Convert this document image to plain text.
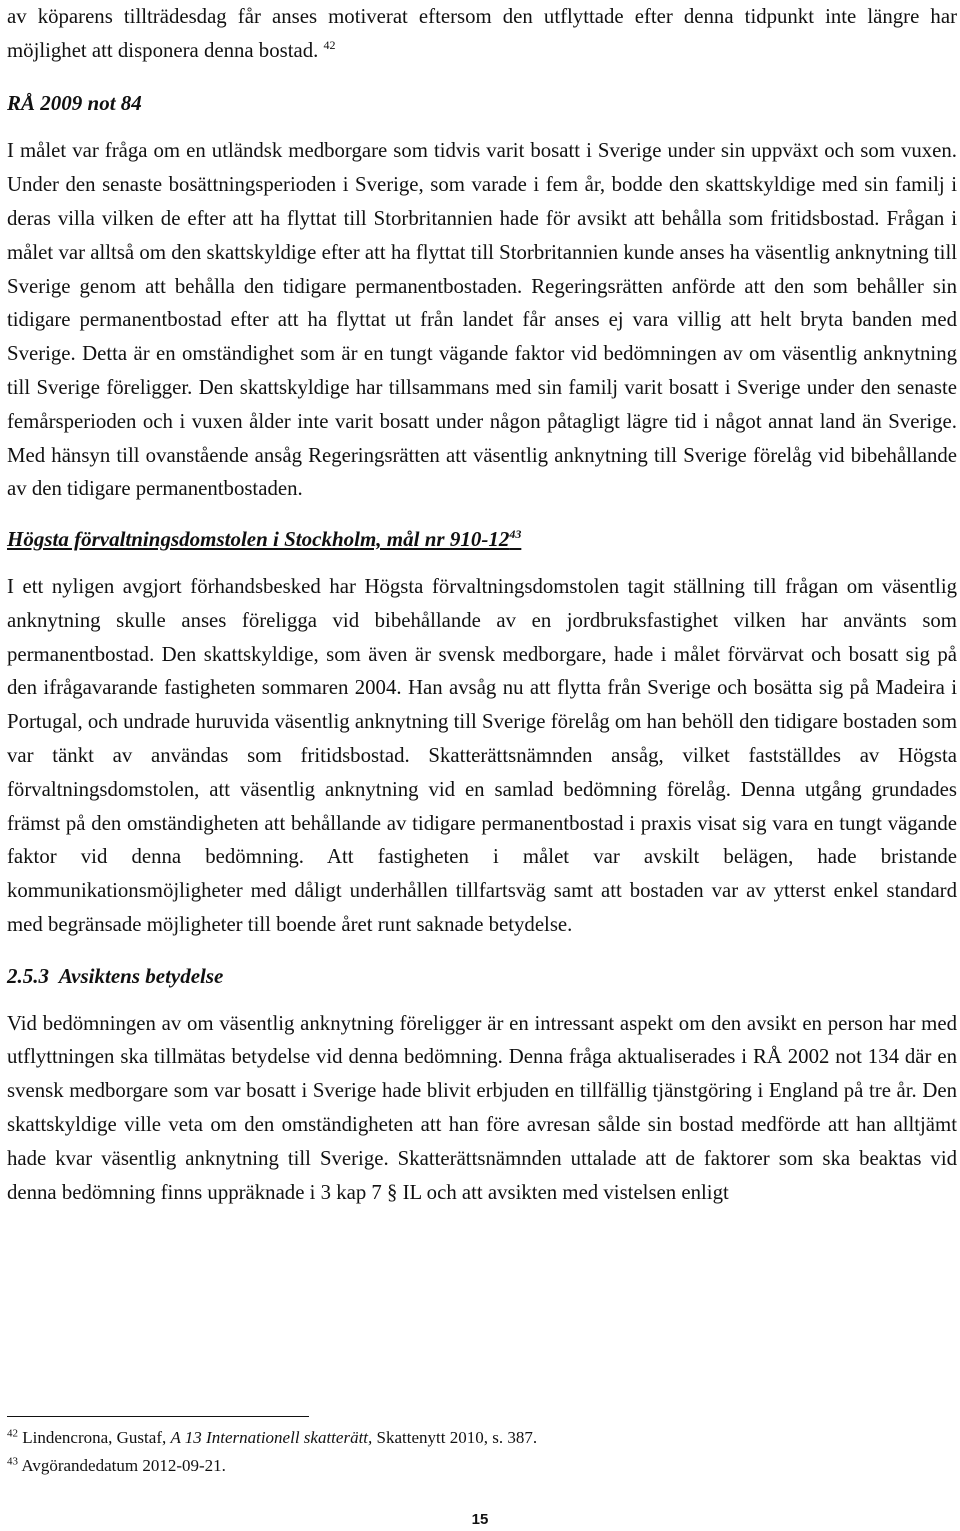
av köparens tillträdesdag får anses motiverat eftersom den utflyttade efter denna tidpunkt inte längre har möjlighet att disponera denna bostad. $^{42}$

RÅ 2009 not 84

I målet var fråga om en utländsk medborgare som tidvis varit bosatt i Sverige under sin uppväxt och som vuxen. Under den senaste bosättningsperioden i Sverige, som varade i fem år, bodde den skattskyldige med sin familj i deras villa vilken de efter att ha flyttat till Storbritannien hade för avsikt att behålla som fritidsbostad. Frågan i målet var alltså om den skattskyldige efter att ha flyttat till Storbritannien kunde anses ha väsentlig anknytning till Sverige genom att behålla den tidigare permanentbostaden. Regeringsrätten anförde att den som behåller sin tidigare permanentbostad efter att ha flyttat ut från landet får anses ej vara villig att helt bryta banden med Sverige. Detta är en omständighet som är en tungt vägande faktor vid bedömningen av om väsentlig anknytning till Sverige föreligger. Den skattskyldige har tillsammans med sin familj varit bosatt i Sverige under den senaste femårsperioden och i vuxen ålder inte varit bosatt under någon påtagligt lägre tid i något annat land än Sverige. Med hänsyn till ovanstående ansåg Regeringsrätten att väsentlig anknytning till Sverige förelåg vid bibehållande av den tidigare permanentbostaden.

Högsta förvaltningsdomstolen i Stockholm, mål nr $910-12^{43}$

I ett nyligen avgjort förhandsbesked har Högsta förvaltningsdomstolen tagit ställning till frågan om väsentlig anknytning skulle anses föreligga vid bibehållande av en jordbruksfastighet vilken har använts som permanentbostad. Den skattskyldige, som även är svensk medborgare, hade i målet förvärvat och bosatt sig på den ifrågavarande fastigheten sommaren 2004. Han avsåg nu att flytta från Sverige och bosätta sig på Madeira i Portugal, och undrade huruvida väsentlig anknytning till Sverige förelåg om han behöll den tidigare bostaden som var tänkt av användas som fritidsbostad. Skatterättsnämnden ansåg, vilket fastställdes av Högsta förvaltningsdomstolen, att väsentlig anknytning vid en samlad bedömning förelåg. Denna utgång grundades främst på den omständigheten att behållande av tidigare permanentbostad i praxis visat sig vara en tungt vägande faktor vid denna bedömning. Att fastigheten i målet var avskilt belägen, hade bristande kommunikationsmöjligheter med dåligt underhållen tillfartsväg samt att bostaden var av ytterst enkel standard med begränsade möjligheter till boende året runt saknade betydelse.

2.5.3  Avsiktens betydelse

Vid bedömningen av om väsentlig anknytning föreligger är en intressant aspekt om den avsikt en person har med utflyttningen ska tillmätas betydelse vid denna bedömning. Denna fråga aktualiserades i RÅ 2002 not 134 där en svensk medborgare som var bosatt i Sverige hade blivit erbjuden en tillfällig tjänstgöring i England på tre år. Den skattskyldige ville veta om den omständigheten att han före avresan sålde sin bostad medförde att han alltjämt hade kvar väsentlig anknytning till Sverige. Skatterättsnämnden uttalade att de faktorer som ska beaktas vid denna bedömning finns uppräknade i 3 kap 7 § IL och att avsikten med vistelsen enligt

$^{42}$ Lindencrona, Gustaf, A 13 Internationell skatterätt, Skattenytt 2010, s. 387.
$^{43}$ Avgörandedatum 2012-09-21.
15
